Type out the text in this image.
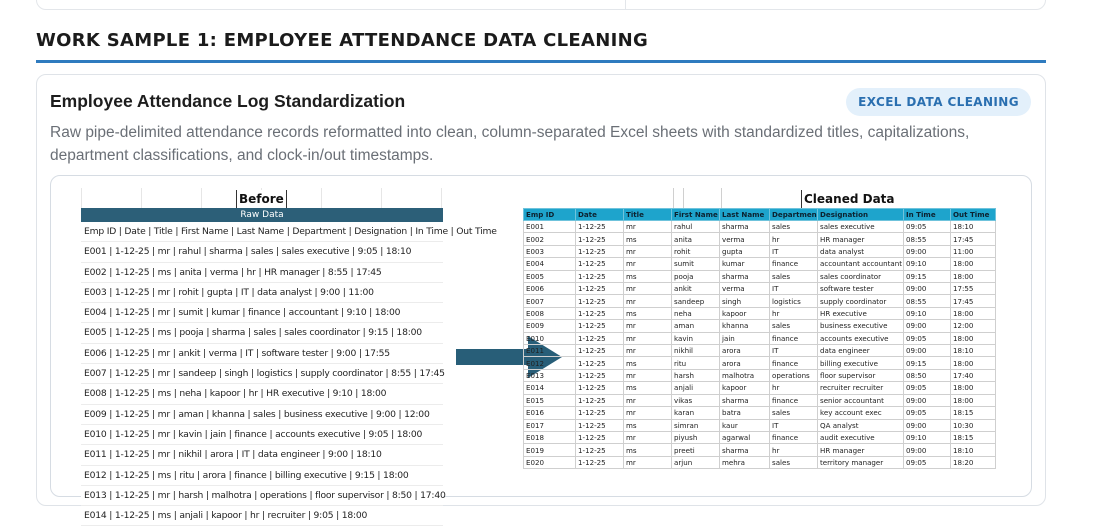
WORK SAMPLE 1: EMPLOYEE ATTENDANCE DATA CLEANING
Employee Attendance Log Standardization	EXCEL DATA CLEANING

Raw pipe-delimited attendance records reformatted into clean, column-separated Excel sheets with standardized titles, capitalizations, department classifications, and clock-in/out timestamps.

Before
Raw Data
Emp ID | Date | Title | First Name | Last Name | Department | Designation | In Time | Out Time
E001 | 1-12-25 | mr | rahul | sharma | sales | sales executive | 9:05 | 18:10
E002 | 1-12-25 | ms | anita | verma | hr | HR manager | 8:55 | 17:45
E003 | 1-12-25 | mr | rohit | gupta | IT | data analyst | 9:00 | 11:00
E004 | 1-12-25 | mr | sumit | kumar | finance | accountant | 9:10 | 18:00
E005 | 1-12-25 | ms | pooja | sharma | sales | sales coordinator | 9:15 | 18:00
E006 | 1-12-25 | mr | ankit | verma | IT | software tester | 9:00 | 17:55
E007 | 1-12-25 | mr | sandeep | singh | logistics | supply coordinator | 8:55 | 17:45
E008 | 1-12-25 | ms | neha | kapoor | hr | HR executive | 9:10 | 18:00
E009 | 1-12-25 | mr | aman | khanna | sales | business executive | 9:00 | 12:00
E010 | 1-12-25 | mr | kavin | jain | finance | accounts executive | 9:05 | 18:00
E011 | 1-12-25 | mr | nikhil | arora | IT | data engineer | 9:00 | 18:10
E012 | 1-12-25 | ms | ritu | arora | finance | billing executive | 9:15 | 18:00
E013 | 1-12-25 | mr | harsh | malhotra | operations | floor supervisor | 8:50 | 17:40
E014 | 1-12-25 | ms | anjali | kapoor | hr | recruiter | 9:05 | 18:00
Cleaned Data
Emp ID	Date	Title	First Name	Last Name	Departmen	Designation	In Time	Out Time
E001	1-12-25	mr	rahul	sharma	sales	sales executive	09:05	18:10
E002	1-12-25	ms	anita	verma	hr	HR manager	08:55	17:45
E003	1-12-25	mr	rohit	gupta	IT	data analyst	09:00	11:00
E004	1-12-25	mr	sumit	kumar	finance	accountant accountant	09:10	18:00
E005	1-12-25	ms	pooja	sharma	sales	sales coordinator	09:15	18:00
E006	1-12-25	mr	ankit	verma	IT	software tester	09:00	17:55
E007	1-12-25	mr	sandeep	singh	logistics	supply coordinator	08:55	17:45
E008	1-12-25	ms	neha	kapoor	hr	HR executive	09:10	18:00
E009	1-12-25	mr	aman	khanna	sales	business executive	09:00	12:00
E010	1-12-25	mr	kavin	jain	finance	accounts executive	09:05	18:00
E011	1-12-25	mr	nikhil	arora	IT	data engineer	09:00	18:10
E012	1-12-25	ms	ritu	arora	finance	billing executive	09:15	18:00
E013	1-12-25	mr	harsh	malhotra	operations	floor supervisor	08:50	17:40
E014	1-12-25	ms	anjali	kapoor	hr	recruiter recruiter	09:05	18:00
E015	1-12-25	mr	vikas	sharma	finance	senior accountant	09:00	18:00
E016	1-12-25	mr	karan	batra	sales	key account exec	09:05	18:15
E017	1-12-25	ms	simran	kaur	IT	QA analyst	09:00	10:30
E018	1-12-25	mr	piyush	agarwal	finance	audit executive	09:10	18:15
E019	1-12-25	ms	preeti	sharma	hr	HR manager	09:00	18:10
E020	1-12-25	mr	arjun	mehra	sales	territory manager	09:05	18:20
